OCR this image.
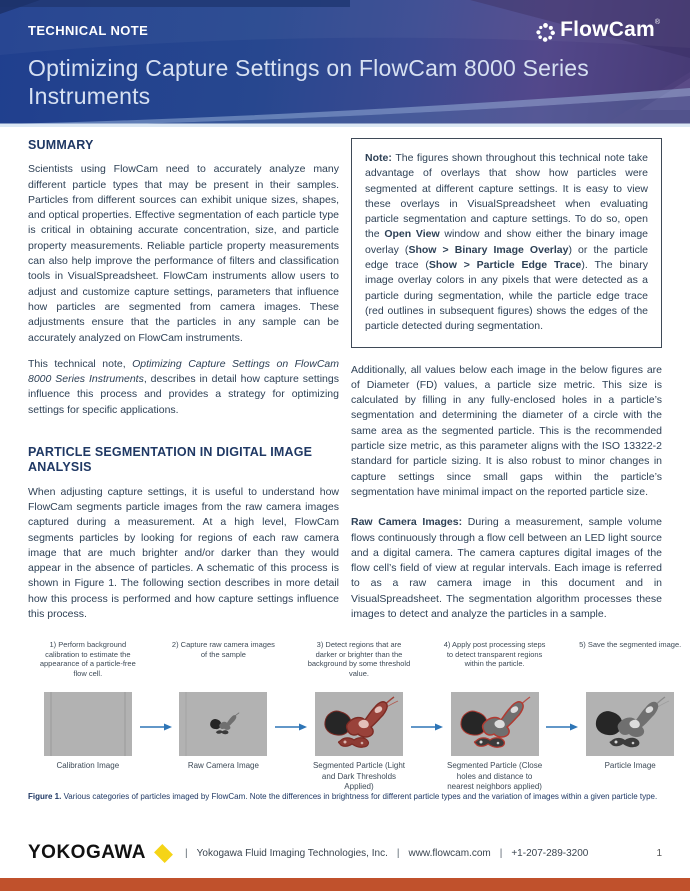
TECHNICAL NOTE
Optimizing Capture Settings on FlowCam 8000 Series Instruments
FlowCam ®
SUMMARY

Scientists using FlowCam need to accurately analyze many different particle types that may be present in their samples. Particles from different sources can exhibit unique sizes, shapes, and optical properties. Effective segmentation of each particle type is critical in obtaining accurate concentration, size, and particle property measurements. Reliable particle property measurements can also help improve the performance of filters and classification tools in VisualSpreadsheet. FlowCam instruments allow users to adjust and customize capture settings, parameters that influence how particles are segmented from camera images. These adjustments ensure that the particles in any sample can be accurately analyzed on FlowCam instruments.

This technical note, Optimizing Capture Settings on FlowCam 8000 Series Instruments, describes in detail how capture settings influence this process and provides a strategy for optimizing settings for specific applications.

PARTICLE SEGMENTATION IN DIGITAL IMAGE ANALYSIS

When adjusting capture settings, it is useful to understand how FlowCam segments particle images from the raw camera images captured during a measurement. At a high level, FlowCam segments particles by looking for regions of each raw camera image that are much brighter and/or darker than they would appear in the absence of particles. A schematic of this process is shown in Figure 1. The following section describes in more detail how this process is performed and how capture settings influence this process.

Note: The figures shown throughout this technical note take advantage of overlays that show how particles were segmented at different capture settings. It is easy to view these overlays in VisualSpreadsheet when evaluating particle segmentation and capture settings. To do so, open the Open View window and show either the binary image overlay (Show > Binary Image Overlay) or the particle edge trace (Show > Particle Edge Trace). The binary image overlay colors in any pixels that were detected as a particle during segmentation, while the particle edge trace (red outlines in subsequent figures) shows the edges of the particle detected during segmentation.

Additionally, all values below each image in the below figures are of Diameter (FD) values, a particle size metric. This size is calculated by filling in any fully-enclosed holes in a particle’s segmentation and determining the diameter of a circle with the same area as the segmented particle. This is the recommended particle size metric, as this parameter aligns with the ISO 13322-2 standard for particle sizing. It is also robust to minor changes in capture settings since small gaps within the particle’s segmentation have minimal impact on the reported particle size.

Raw Camera Images: During a measurement, sample volume flows continuously through a flow cell between an LED light source and a digital camera. The camera captures digital images of the flow cell’s field of view at regular intervals. Each image is referred to as a raw camera image in this document and in VisualSpreadsheet. The segmentation algorithm processes these images to detect and analyze the particles in a sample.

1) Perform background calibration to estimate the appearance of a particle-free flow cell.
Calibration Image
2) Capture raw camera images of the sample
Raw Camera Image
3) Detect regions that are darker or brighter than the background by some threshold value.
Segmented Particle (Light and Dark Thresholds Applied)
4) Apply post processing steps to detect transparent regions within the particle.
Segmented Particle (Close holes and distance to nearest neighbors applied)
5) Save the segmented image.
Particle Image
Figure 1. Various categories of particles imaged by FlowCam. Note the differences in brightness for different particle types and the variation of images within a given particle type.
YOKOGAWA	| Yokogawa Fluid Imaging Technologies, Inc. | www.flowcam.com | +1-207-289-3200	1
